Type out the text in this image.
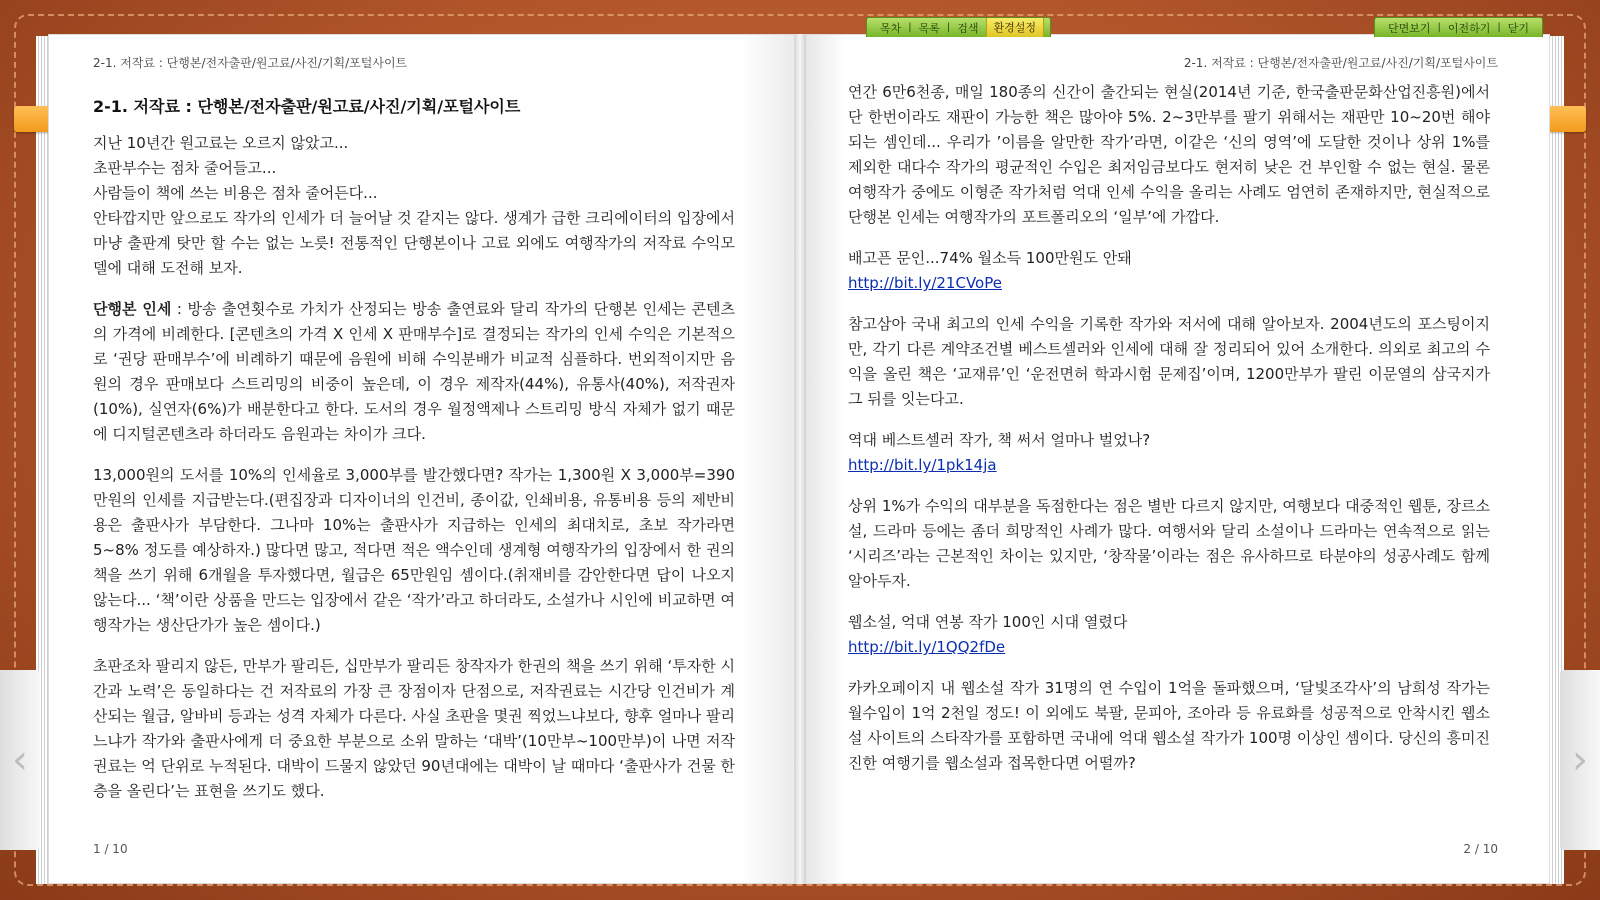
2-1. 저작료 : 단행본/전자출판/원고료/사진/기획/포털사이트
2-1. 저작료 : 단행본/전자출판/원고료/사진/기획/포털사이트

지난 10년간 원고료는 오르지 않았고...
초판부수는 점차 줄어들고...
사람들이 책에 쓰는 비용은 점차 줄어든다...
안타깝지만 앞으로도 작가의 인세가 더 늘어날 것 같지는 않다. 생계가 급한 크리에이터의 입장에서 마냥 출판계 탓만 할 수는 없는 노릇! 전통적인 단행본이나 고료 외에도 여행작가의 저작료 수익모델에 대해 도전해 보자.

단행본 인세 : 방송 출연횟수로 가치가 산정되는 방송 출연료와 달리 작가의 단행본 인세는 콘텐츠의 가격에 비례한다. [콘텐츠의 가격 X 인세 X 판매부수]로 결정되는 작가의 인세 수익은 기본적으로 ‘권당 판매부수’에 비례하기 때문에 음원에 비해 수익분배가 비교적 심플하다. 번외적이지만 음원의 경우 판매보다 스트리밍의 비중이 높은데, 이 경우 제작자(44%), 유통사(40%), 저작권자(10%), 실연자(6%)가 배분한다고 한다. 도서의 경우 월정액제나 스트리밍 방식 자체가 없기 때문에 디지털콘텐츠라 하더라도 음원과는 차이가 크다.

13,000원의 도서를 10%의 인세율로 3,000부를 발간했다면? 작가는 1,300원 X 3,000부=390만원의 인세를 지급받는다.(편집장과 디자이너의 인건비, 종이값, 인쇄비용, 유통비용 등의 제반비용은 출판사가 부담한다. 그나마 10%는 출판사가 지급하는 인세의 최대치로, 초보 작가라면 5~8% 정도를 예상하자.) 많다면 많고, 적다면 적은 액수인데 생계형 여행작가의 입장에서 한 권의 책을 쓰기 위해 6개월을 투자했다면, 월급은 65만원임 셈이다.(취재비를 감안한다면 답이 나오지 않는다... ‘책’이란 상품을 만드는 입장에서 같은 ‘작가’라고 하더라도, 소설가나 시인에 비교하면 여행작가는 생산단가가 높은 셈이다.)

초판조차 팔리지 않든, 만부가 팔리든, 십만부가 팔리든 창작자가 한권의 책을 쓰기 위해 ‘투자한 시간과 노력’은 동일하다는 건 저작료의 가장 큰 장점이자 단점으로, 저작권료는 시간당 인건비가 계산되는 월급, 알바비 등과는 성격 자체가 다른다. 사실 초판을 몇권 찍었느냐보다, 향후 얼마나 팔리느냐가 작가와 출판사에게 더 중요한 부분으로 소위 말하는 ‘대박’(10만부~100만부)이 나면 저작권료는 억 단위로 누적된다. 대박이 드물지 않았던 90년대에는 대박이 날 때마다 ‘출판사가 건물 한층을 올린다’는 표현을 쓰기도 했다.

1 / 10
2-1. 저작료 : 단행본/전자출판/원고료/사진/기획/포털사이트

연간 6만6천종, 매일 180종의 신간이 출간되는 현실(2014년 기준, 한국출판문화산업진흥원)에서 단 한번이라도 재판이 가능한 책은 많아야 5%. 2~3만부를 팔기 위해서는 재판만 10~20번 해야 되는 셈인데... 우리가 ’이름을 알만한 작가’라면, 이같은 ‘신의 영역’에 도달한 것이나 상위 1%를 제외한 대다수 작가의 평균적인 수입은 최저임금보다도 현저히 낮은 건 부인할 수 없는 현실. 물론 여행작가 중에도 이형준 작가처럼 억대 인세 수익을 올리는 사례도 엄연히 존재하지만, 현실적으로 단행본 인세는 여행작가의 포트폴리오의 ‘일부’에 가깝다.

배고픈 문인...74% 월소득 100만원도 안돼
http://bit.ly/21CVoPe

참고삼아 국내 최고의 인세 수익을 기록한 작가와 저서에 대해 알아보자. 2004년도의 포스팅이지만, 각기 다른 계약조건별 베스트셀러와 인세에 대해 잘 정리되어 있어 소개한다. 의외로 최고의 수익을 올린 책은 ‘교재류’인 ‘운전면허 학과시험 문제집’이며, 1200만부가 팔린 이문열의 삼국지가 그 뒤를 잇는다고.

역대 베스트셀러 작가, 책 써서 얼마나 벌었나?
http://bit.ly/1pk14ja

상위 1%가 수익의 대부분을 독점한다는 점은 별반 다르지 않지만, 여행보다 대중적인 웹툰, 장르소설, 드라마 등에는 좀더 희망적인 사례가 많다. 여행서와 달리 소설이나 드라마는 연속적으로 읽는 ‘시리즈’라는 근본적인 차이는 있지만, ‘창작물’이라는 점은 유사하므로 타분야의 성공사례도 함께 알아두자.

웹소설, 억대 연봉 작가 100인 시대 열렸다
http://bit.ly/1QQ2fDe

카카오페이지 내 웹소설 작가 31명의 연 수입이 1억을 돌파했으며, ‘달빛조각사’의 남희성 작가는 월수입이 1억 2천일 정도! 이 외에도 북팔, 문피아, 조아라 등 유료화를 성공적으로 안착시킨 웹소설 사이트의 스타작가를 포함하면 국내에 억대 웹소설 작가가 100명 이상인 셈이다. 당신의 흥미진진한 여행기를 웹소설과 접목한다면 어떨까?

2 / 10
목차 | 목록 | 검색	환경설정	단면보기 | 이전하기 | 닫기
‹	›
